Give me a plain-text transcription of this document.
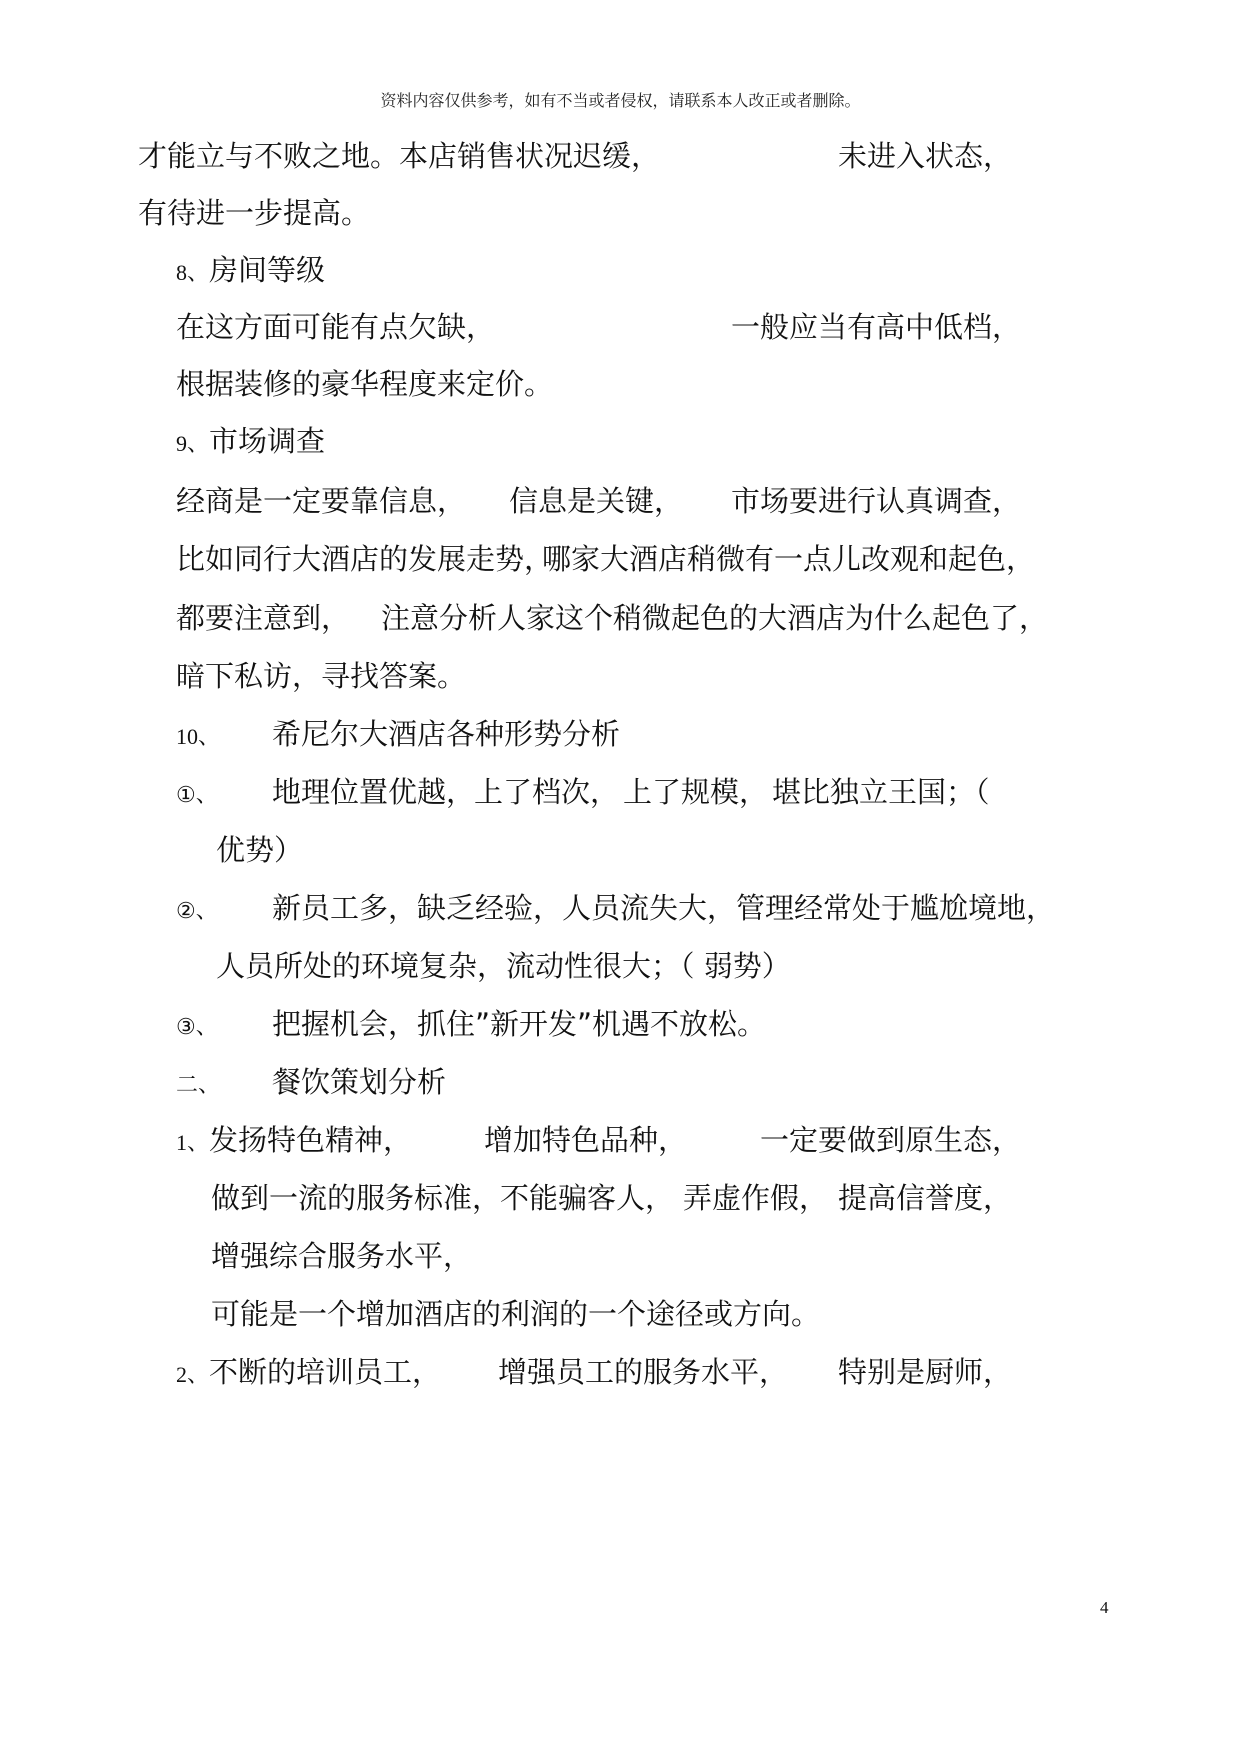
资料内容仅供参考，如有不当或者侵权，请联系本人改正或者删除。
才能立与不败之地。本店销售状况迟缓，	未进入状态，
有待进一步提高。
8、房间等级
在这方面可能有点欠缺，	一般应当有高中低档，
根据装修的豪华程度来定价。
9、市场调查
经商是一定要靠信息， 信息是关键， 市场要进行认真调查，
比如同行大酒店的发展走势，
哪家大酒店稍微有一点儿改观和起色，
都要注意到， 注意分析人家这个稍微起色的大酒店为什么起色了，
暗下私访，寻找答案。
10、 希尼尔大酒店各种形势分析
①、 地理位置优越，
上了档次， 上了规模， 堪比独立王国；（
优势）
②、 新员工多，缺乏经验，人员流失大，管理经常处于尴尬境地，
人员所处的环境复杂，流动性很大；（ 弱势）
③、 把握机会，抓住”新开发”机遇不放松。
二、 餐饮策划分析
1、发扬特色精神， 增加特色品种，	一定要做到原生态，
做到一流的服务标准，
不能骗客人， 弄虚作假， 提高信誉度，
增强综合服务水平，
可能是一个增加酒店的利润的一个途径或方向。
2、不断的培训员工， 增强员工的服务水平， 特别是厨师，
4
